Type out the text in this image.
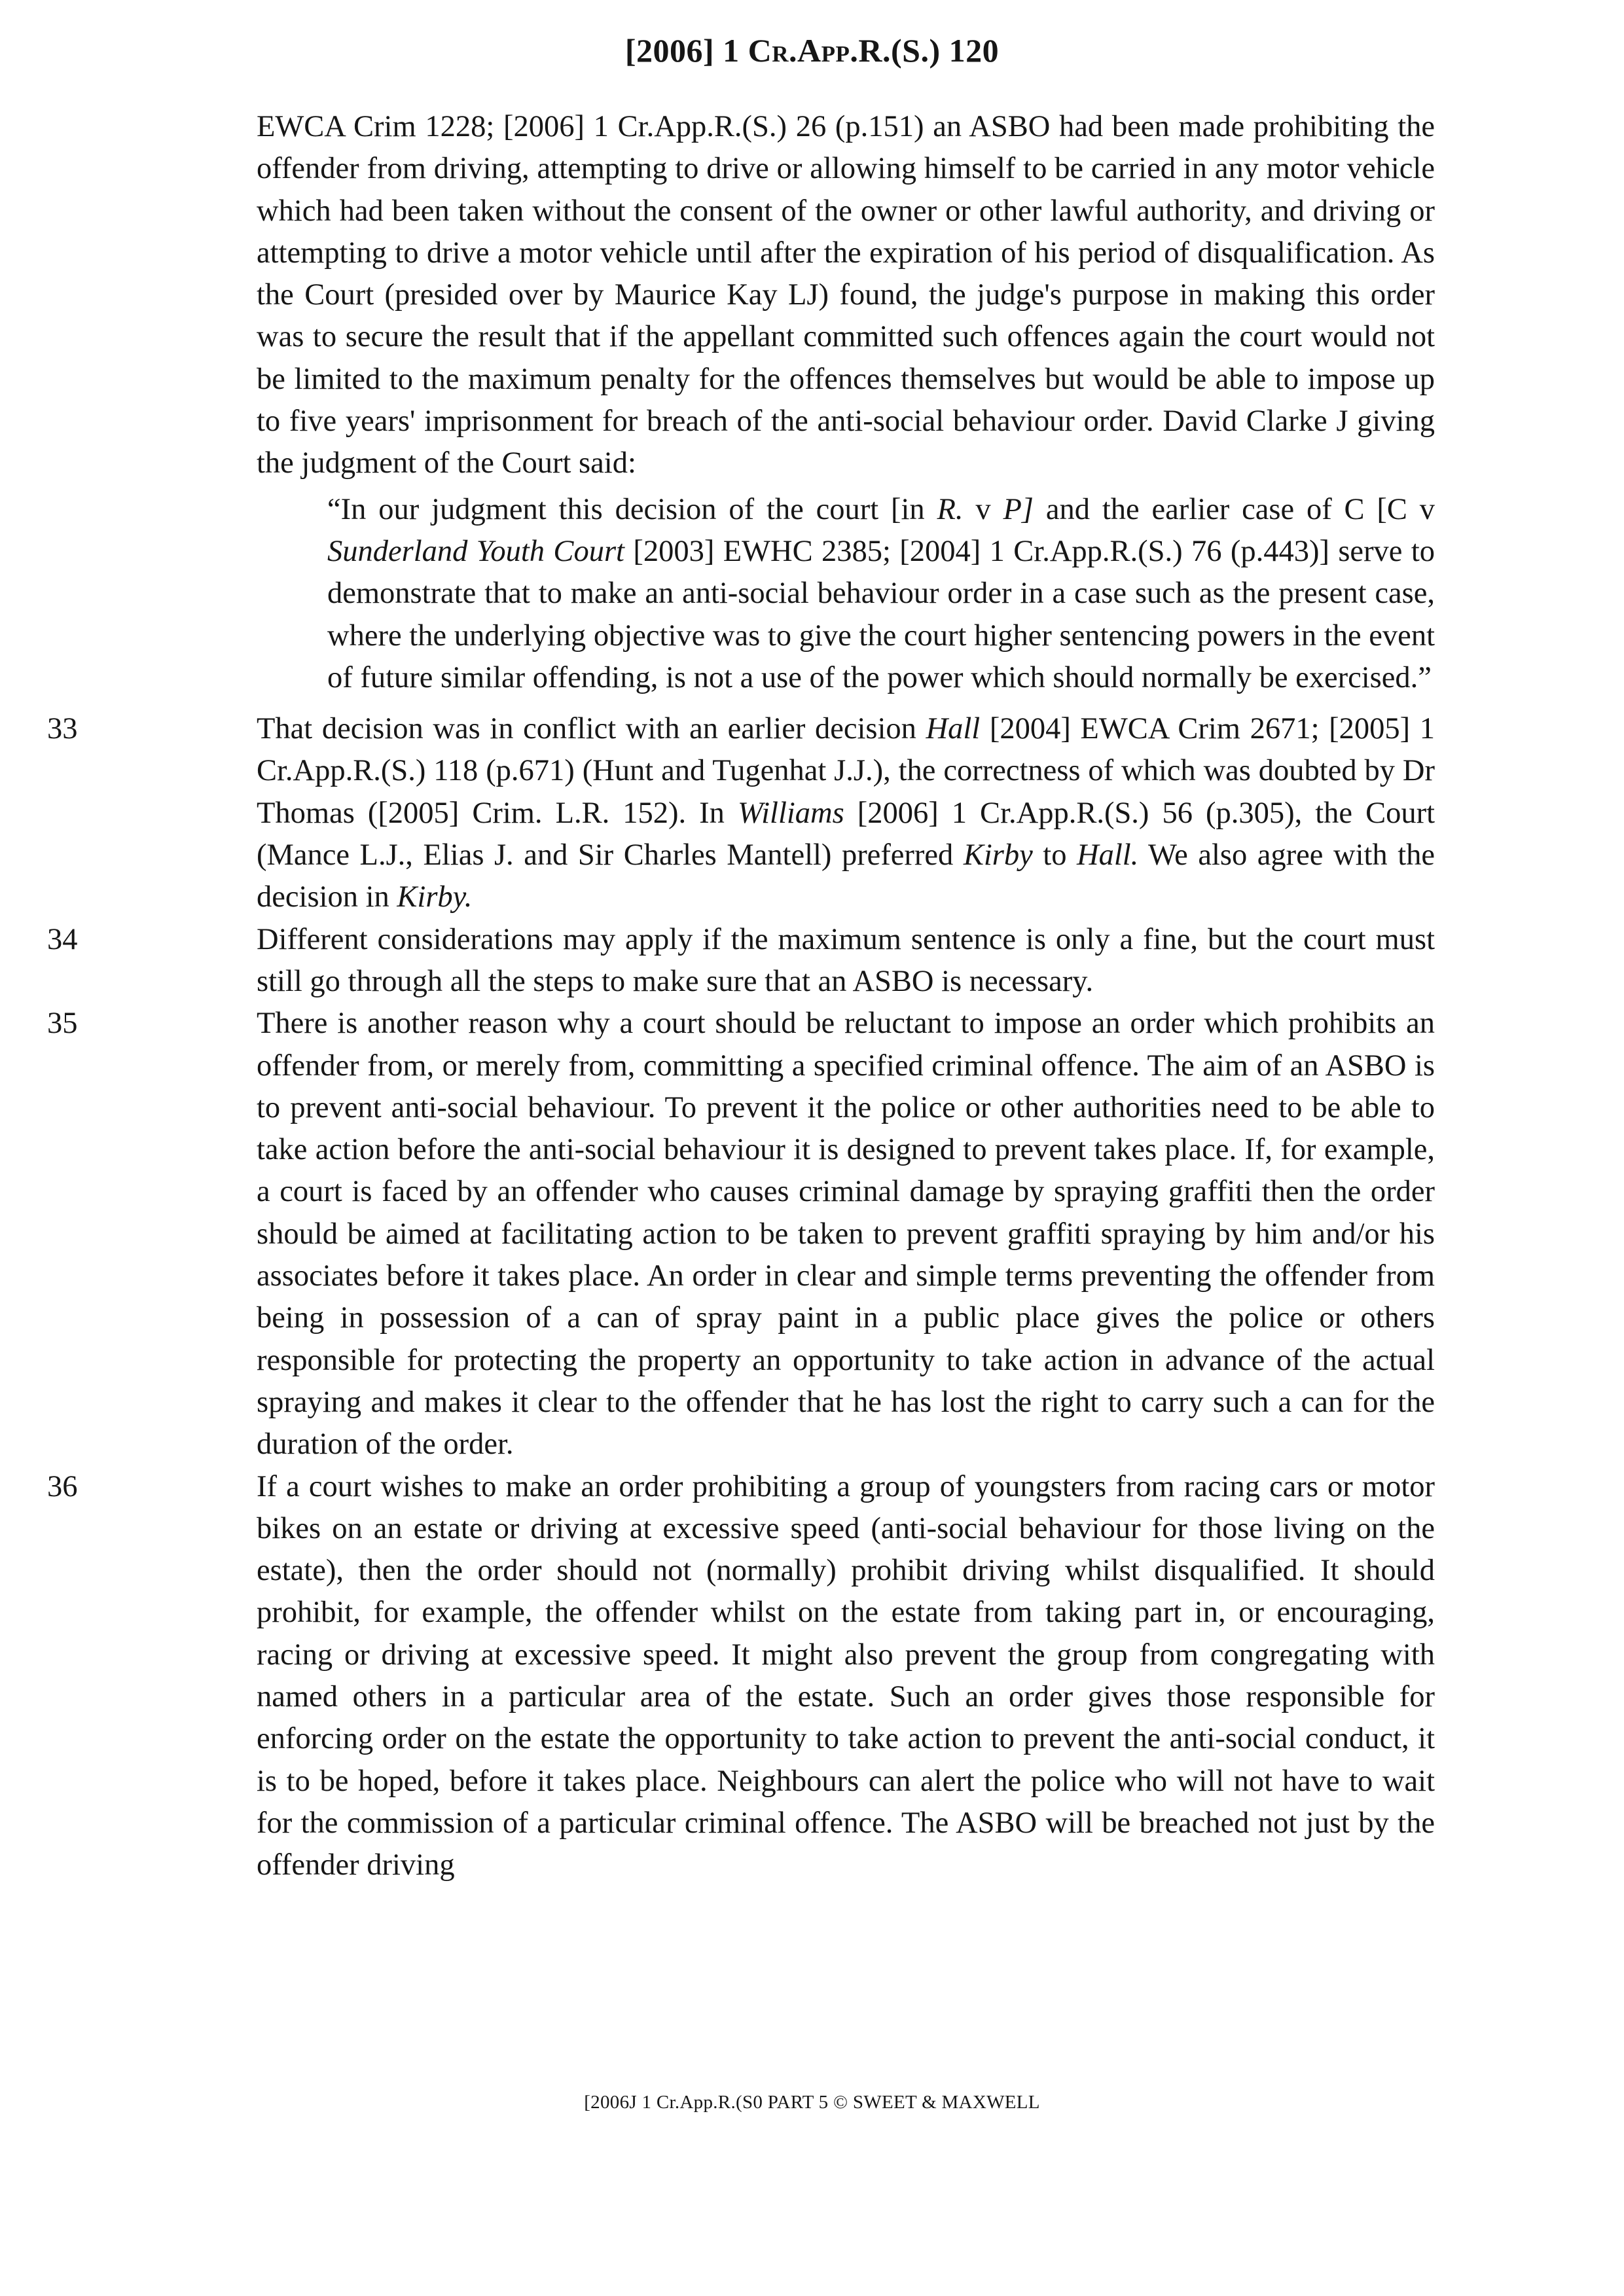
[2006] 1 Cr.App.R.(S.) 120

EWCA Crim 1228; [2006] 1 Cr.App.R.(S.) 26 (p.151) an ASBO had been made prohibiting the offender from driving, attempting to drive or allowing himself to be carried in any motor vehicle which had been taken without the consent of the owner or other lawful authority, and driving or attempting to drive a motor vehicle until after the expiration of his period of disqualification. As the Court (presided over by Maurice Kay LJ) found, the judge's purpose in making this order was to secure the result that if the appellant committed such offences again the court would not be limited to the maximum penalty for the offences themselves but would be able to impose up to five years' imprisonment for breach of the anti-social behaviour order. David Clarke J giving the judgment of the Court said:

“In our judgment this decision of the court [in R. v P] and the earlier case of C [C v Sunderland Youth Court [2003] EWHC 2385; [2004] 1 Cr.App.R.(S.) 76 (p.443)] serve to demonstrate that to make an anti-social behaviour order in a case such as the present case, where the underlying objective was to give the court higher sentencing powers in the event of future similar offending, is not a use of the power which should normally be exercised.”

33	That decision was in conflict with an earlier decision Hall [2004] EWCA Crim 2671; [2005] 1 Cr.App.R.(S.) 118 (p.671) (Hunt and Tugenhat J.J.), the correctness of which was doubted by Dr Thomas ([2005] Crim. L.R. 152). In Williams [2006] 1 Cr.App.R.(S.) 56 (p.305), the Court (Mance L.J., Elias J. and Sir Charles Mantell) preferred Kirby to Hall. We also agree with the decision in Kirby.

34	Different considerations may apply if the maximum sentence is only a fine, but the court must still go through all the steps to make sure that an ASBO is necessary.

35	There is another reason why a court should be reluctant to impose an order which prohibits an offender from, or merely from, committing a specified criminal offence. The aim of an ASBO is to prevent anti-social behaviour. To prevent it the police or other authorities need to be able to take action before the anti-social behaviour it is designed to prevent takes place. If, for example, a court is faced by an offender who causes criminal damage by spraying graffiti then the order should be aimed at facilitating action to be taken to prevent graffiti spraying by him and/or his associates before it takes place. An order in clear and simple terms preventing the offender from being in possession of a can of spray paint in a public place gives the police or others responsible for protecting the property an opportunity to take action in advance of the actual spraying and makes it clear to the offender that he has lost the right to carry such a can for the duration of the order.

36	If a court wishes to make an order prohibiting a group of youngsters from racing cars or motor bikes on an estate or driving at excessive speed (anti-social behaviour for those living on the estate), then the order should not (normally) prohibit driving whilst disqualified. It should prohibit, for example, the offender whilst on the estate from taking part in, or encouraging, racing or driving at excessive speed. It might also prevent the group from congregating with named others in a particular area of the estate. Such an order gives those responsible for enforcing order on the estate the opportunity to take action to prevent the anti-social conduct, it is to be hoped, before it takes place. Neighbours can alert the police who will not have to wait for the commission of a particular criminal offence. The ASBO will be breached not just by the offender driving

[2006J 1 Cr.App.R.(S0 PART 5 © SWEET & MAXWELL
